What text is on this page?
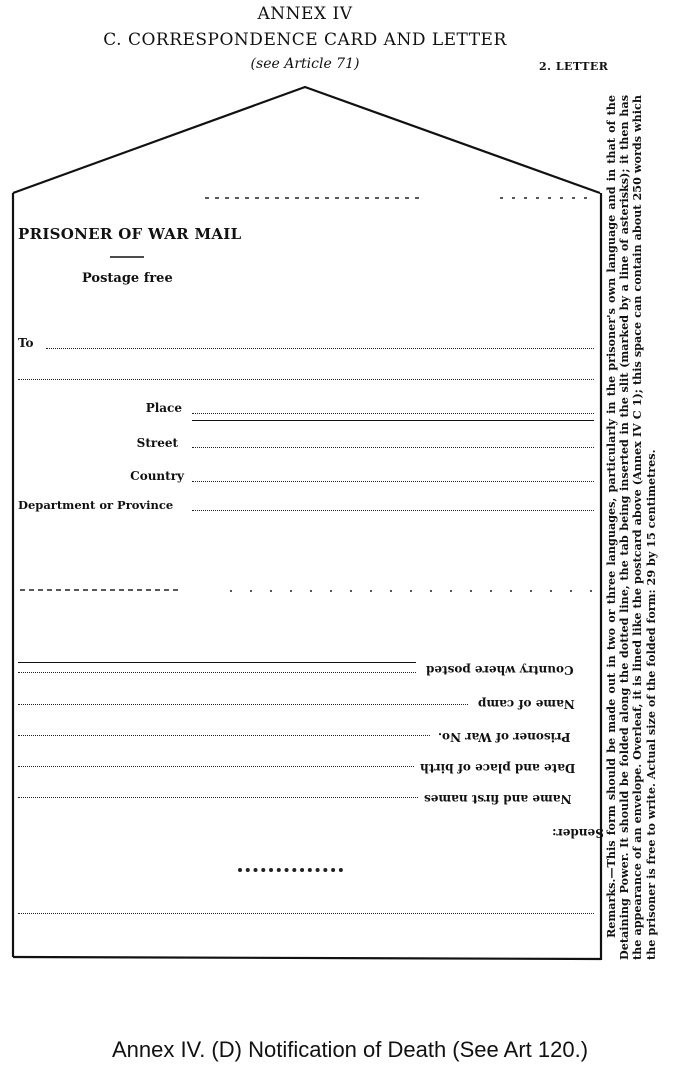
ANNEX IV
C. CORRESPONDENCE CARD AND LETTER
(see Article 71)	2. LETTER
PRISONER OF WAR MAIL
Postage free
To
Place
Street
Country
Department or Province
Country where posted
Name of camp
Prisoner of War No.
Date and place of birth
Name and first names
Sender: Remarks.—This form should be made out in two or three languages, particularly in the prisoner's own language and in that of the Detaining Power. It should be folded along the dotted line, the tab being inserted in the slit (marked by a line of asterisks); it then has the appearance of an envelope. Overleaf, it is lined like the postcard above (Annex IV C 1); this space can contain about 250 words which the prisoner is free to write. Actual size of the folded form: 29 by 15 centimetres.

Annex IV. (D) Notification of Death (See Art 120.)
